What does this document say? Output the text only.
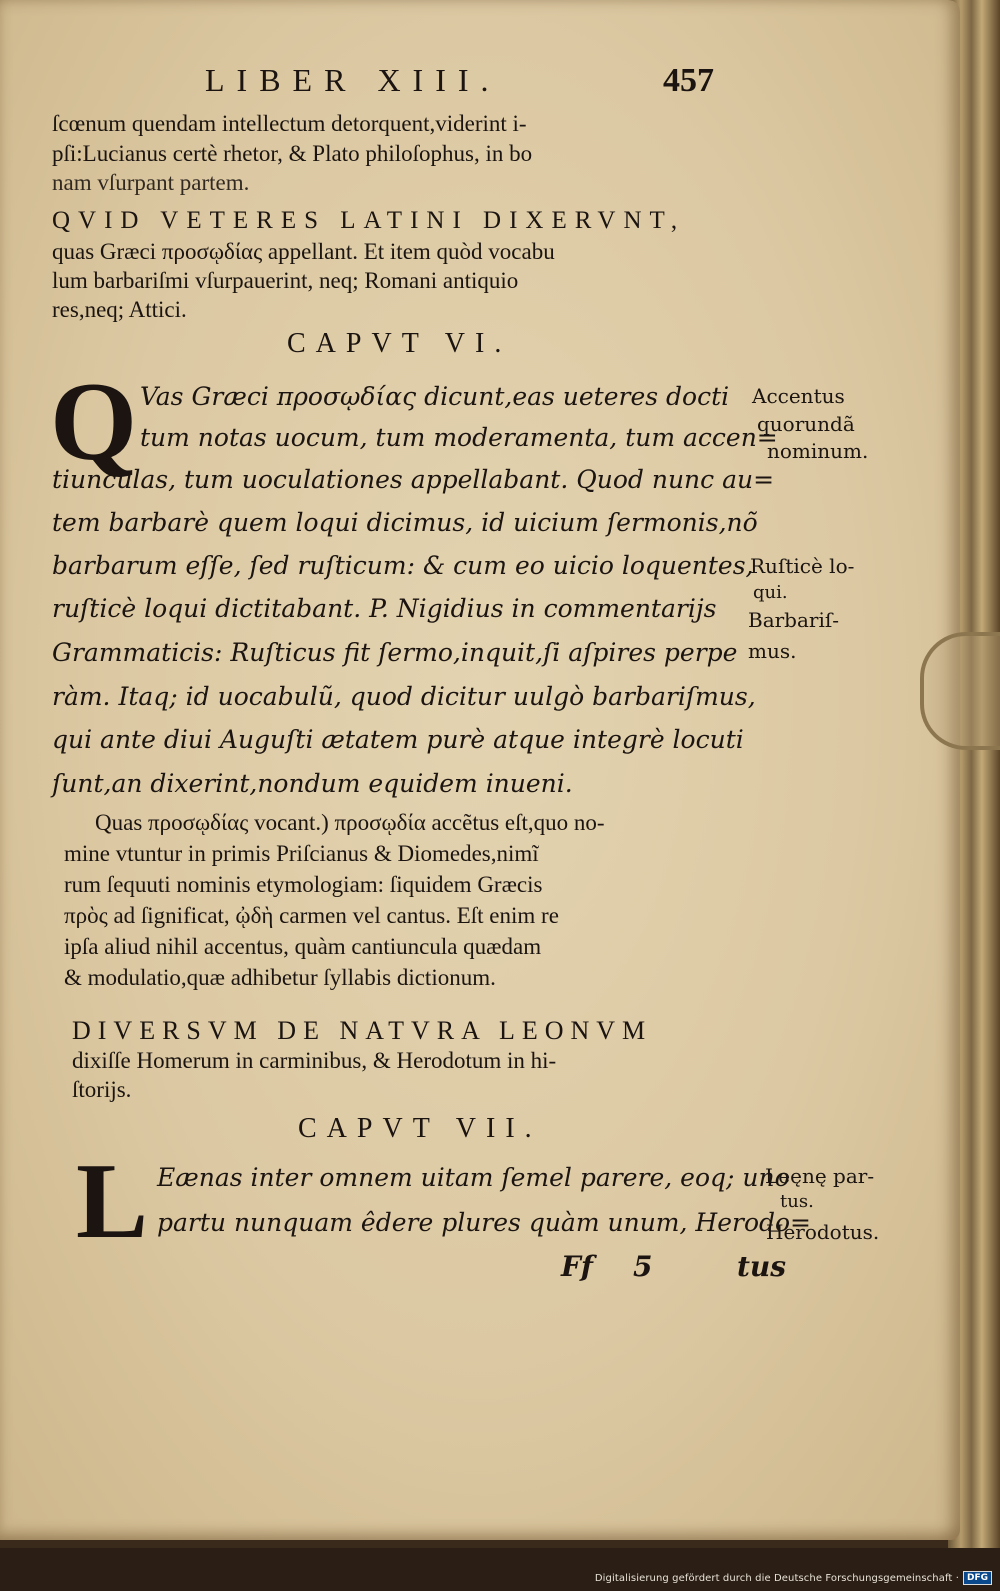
LIBER XIII.	457
ſcœnum quendam intellectum detorquent,viderint i-
pſi:Lucianus certè rhetor, & Plato philoſophus, in bo
nam vſurpant partem.
QVID VETERES LATINI DIXERVNT,
quas Græci προσῳδίας appellant. Et item quòd vocabu
lum barbariſmi vſurpauerint, neq; Romani antiquio
res,neq; Attici.
CAPVT VI.
Q Vas Græci προσῳδίας dicunt,eas ueteres docti
tum notas uocum, tum moderamenta, tum accen=
tiunculas, tum uoculationes appellabant. Quod nunc au=
tem barbarè quem loqui dicimus, id uicium ſermonis,nõ
barbarum eſſe, ſed ruſticum: & cum eo uicio loquentes,
ruſticè loqui dictitabant. P. Nigidius in commentarijs
Grammaticis: Ruſticus fit ſermo,inquit,ſi aſpires perpe
ràm. Itaq; id uocabulũ, quod dicitur uulgò barbariſmus,
qui ante diui Auguſti ætatem purè atque integrè locuti
ſunt,an dixerint,nondum equidem inueni.
Accentus
quorundã
nominum.
Ruſticè lo-
qui.
Barbariſ-
mus.
Quas προσῳδίας vocant.) προσῳδία accẽtus eſt,quo no-
mine vtuntur in primis Priſcianus & Diomedes,nimĩ
rum ſequuti nominis etymologiam: ſiquidem Græcis
πρὸς ad ſignificat, ᾠδὴ carmen vel cantus. Eſt enim re
ipſa aliud nihil accentus, quàm cantiuncula quædam
& modulatio,quæ adhibetur ſyllabis dictionum.
DIVERSVM DE NATVRA LEONVM
dixiſſe Homerum in carminibus, & Herodotum in hi-
ſtorijs.
CAPVT VII.
L Eænas inter omnem uitam ſemel parere, eoq; uno
partu nunquam êdere plures quàm unum, Herodo=
Leęnę par-
tus.
Herodotus.
Ff 5	tus
Digitalisierung gefördert durch die Deutsche Forschungsgemeinschaft · DFG
